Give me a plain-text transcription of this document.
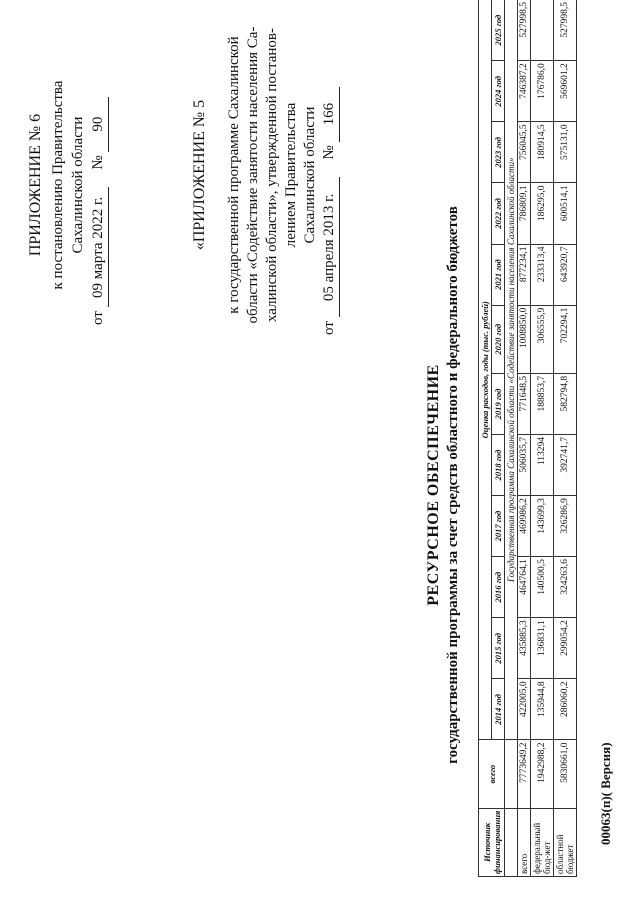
ПРИЛОЖЕНИЕ № 6 к постановлению Правительства Сахалинской области
от 09 марта 2022 г. № 90	«ПРИЛОЖЕНИЕ № 5 к государственной программе Сахалинской области «Содействие занятости населения Са- халинской области», утвержденной постанов- лением Правительства Сахалинской области
от 05 апреля 2013 г. № 166
РЕСУРСНОЕ ОБЕСПЕЧЕНИЕ государственной программы за счет средств областного и федерального бюджетов
Источник финансирования	всего	Оценка расходов, годы (тыс. рублей)											
		2014 год	2015 год	2016 год	2017 год	2018 год	2019 год	2020 год	2021 год	2022 год	2023 год	2024 год	2025 год
		Государственная программа Сахалинской области «Содействие занятости населения Сахалинской области»											
всего	7773649,2	422005,0	435885,3	464764,1	469986,2	506035,7	771648,5	1008850,0	877234,1	786809,1	756045,5	746387,2	527998,5
федеральный бюд-жет	1942988,2	135944,8	136831,1	140500,5	143699,3	113294	188853,7	306555,9	233313,4	186295,0	180914,5	176786,0	
областной бюджет	5830661,0	286060,2	299054,2	324263,6	326286,9	392741,7	582794,8	702294,1	643920,7	600514,1	575131,0	569601,2	527998,5
00063(п)( Версия)
